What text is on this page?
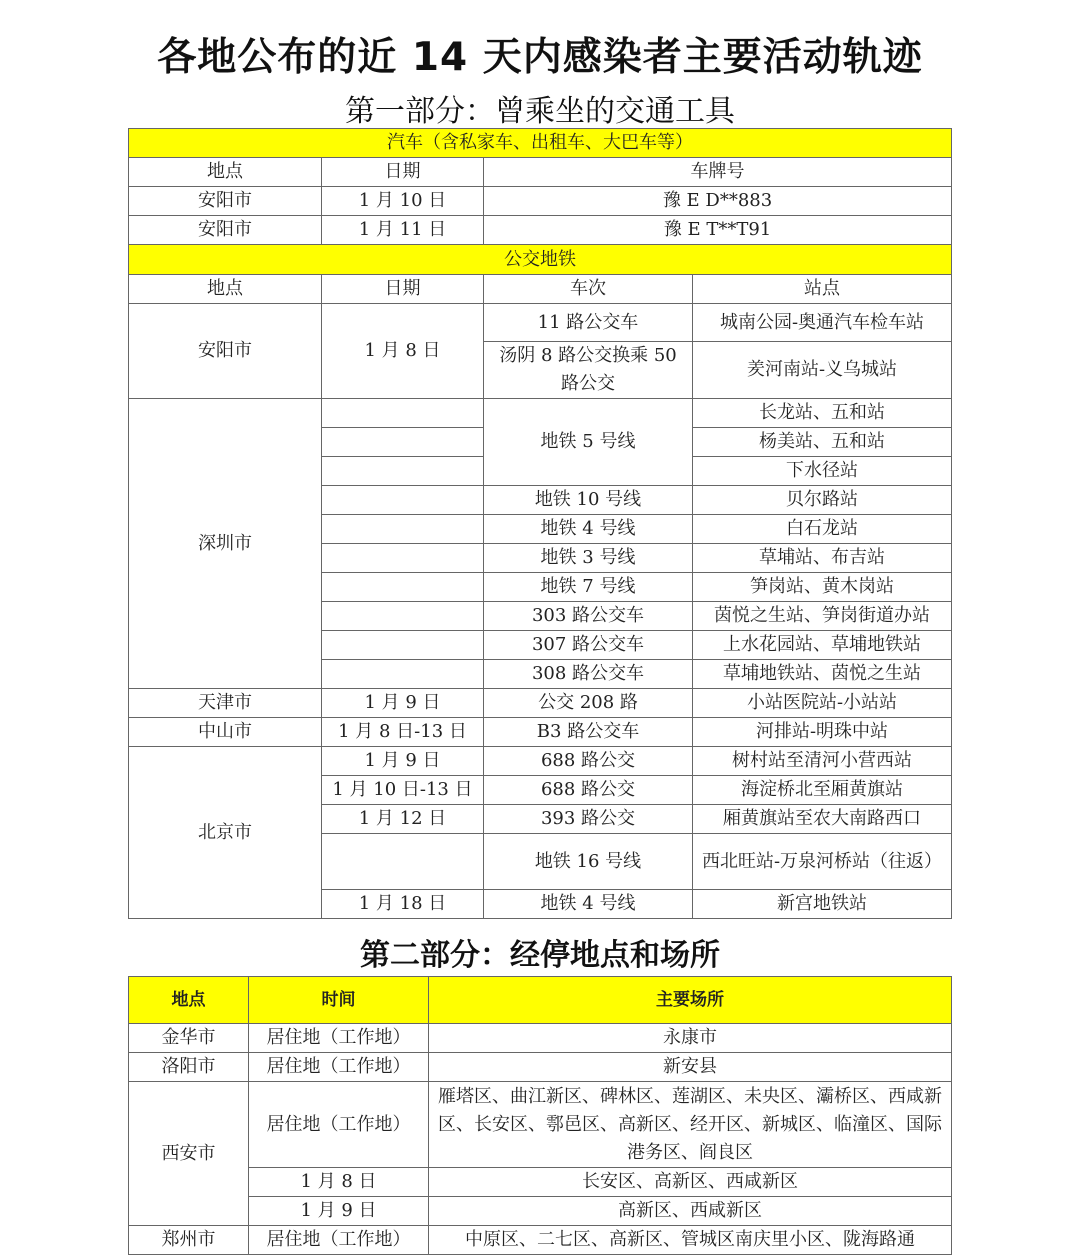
各地公布的近 14 天内感染者主要活动轨迹
第一部分：曾乘坐的交通工具
汽车（含私家车、出租车、大巴车等）			
地点	日期	车牌号	
安阳市	1 月 10 日	豫 E D**883	
安阳市	1 月 11 日	豫 E T**T91	
公交地铁			
地点	日期	车次	站点
安阳市	1 月 8 日	11 路公交车	城南公园-奥通汽车检车站
		汤阴 8 路公交换乘 50 路公交	羑河南站-义乌城站
深圳市		地铁 5 号线	长龙站、五和站
			杨美站、五和站
			下水径站
		地铁 10 号线	贝尔路站
		地铁 4 号线	白石龙站
		地铁 3 号线	草埔站、布吉站
		地铁 7 号线	笋岗站、黄木岗站
		303 路公交车	茵悦之生站、笋岗街道办站
		307 路公交车	上水花园站、草埔地铁站
		308 路公交车	草埔地铁站、茵悦之生站
天津市	1 月 9 日	公交 208 路	小站医院站-小站站
中山市	1 月 8 日-13 日	B3 路公交车	河排站-明珠中站
北京市	1 月 9 日	688 路公交	树村站至清河小营西站
	1 月 10 日-13 日	688 路公交	海淀桥北至厢黄旗站
	1 月 12 日	393 路公交	厢黄旗站至农大南路西口
		地铁 16 号线	西北旺站-万泉河桥站（往返）
	1 月 18 日	地铁 4 号线	新宫地铁站
第二部分：经停地点和场所
地点	时间	主要场所
金华市	居住地（工作地）	永康市
洛阳市	居住地（工作地）	新安县
西安市	居住地（工作地）	雁塔区、曲江新区、碑林区、莲湖区、未央区、灞桥区、西咸新区、长安区、鄠邑区、高新区、经开区、新城区、临潼区、国际港务区、阎良区
	1 月 8 日	长安区、高新区、西咸新区
	1 月 9 日	高新区、西咸新区
郑州市	居住地（工作地）	中原区、二七区、高新区、管城区南庆里小区、陇海路通
